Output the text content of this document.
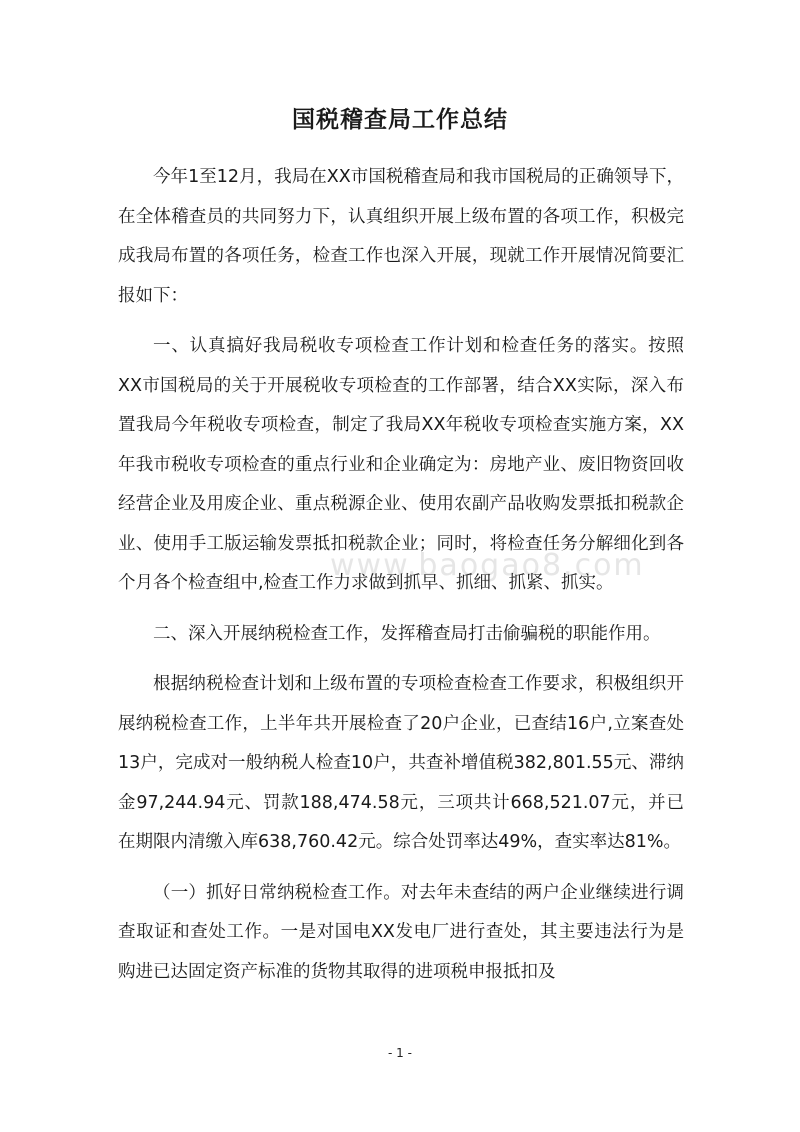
国税稽查局工作总结
www.baogao8.com

今年1至12月，我局在XX市国税稽查局和我市国税局的正确领导下，在全体稽查员的共同努力下，认真组织开展上级布置的各项工作，积极完成我局布置的各项任务，检查工作也深入开展，现就工作开展情况简要汇报如下：

一、认真搞好我局税收专项检查工作计划和检查任务的落实。按照XX市国税局的关于开展税收专项检查的工作部署，结合XX实际，深入布置我局今年税收专项检查，制定了我局XX年税收专项检查实施方案，XX年我市税收专项检查的重点行业和企业确定为：房地产业、废旧物资回收经营企业及用废企业、重点税源企业、使用农副产品收购发票抵扣税款企业、使用手工版运输发票抵扣税款企业；同时，将检查任务分解细化到各个月各个检查组中,检查工作力求做到抓早、抓细、抓紧、抓实。

二、深入开展纳税检查工作，发挥稽查局打击偷骗税的职能作用。

根据纳税检查计划和上级布置的专项检查检查工作要求，积极组织开展纳税检查工作，上半年共开展检查了20户企业，已查结16户,立案查处13户，完成对一般纳税人检查10户，共查补增值税382,801.55元、滞纳金97,244.94元、罚款188,474.58元，三项共计668,521.07元，并已在期限内清缴入库638,760.42元。综合处罚率达49%，查实率达81%。

（一）抓好日常纳税检查工作。对去年未查结的两户企业继续进行调查取证和查处工作。一是对国电XX发电厂进行查处，其主要违法行为是购进已达固定资产标准的货物其取得的进项税申报抵扣及

- 1 -
